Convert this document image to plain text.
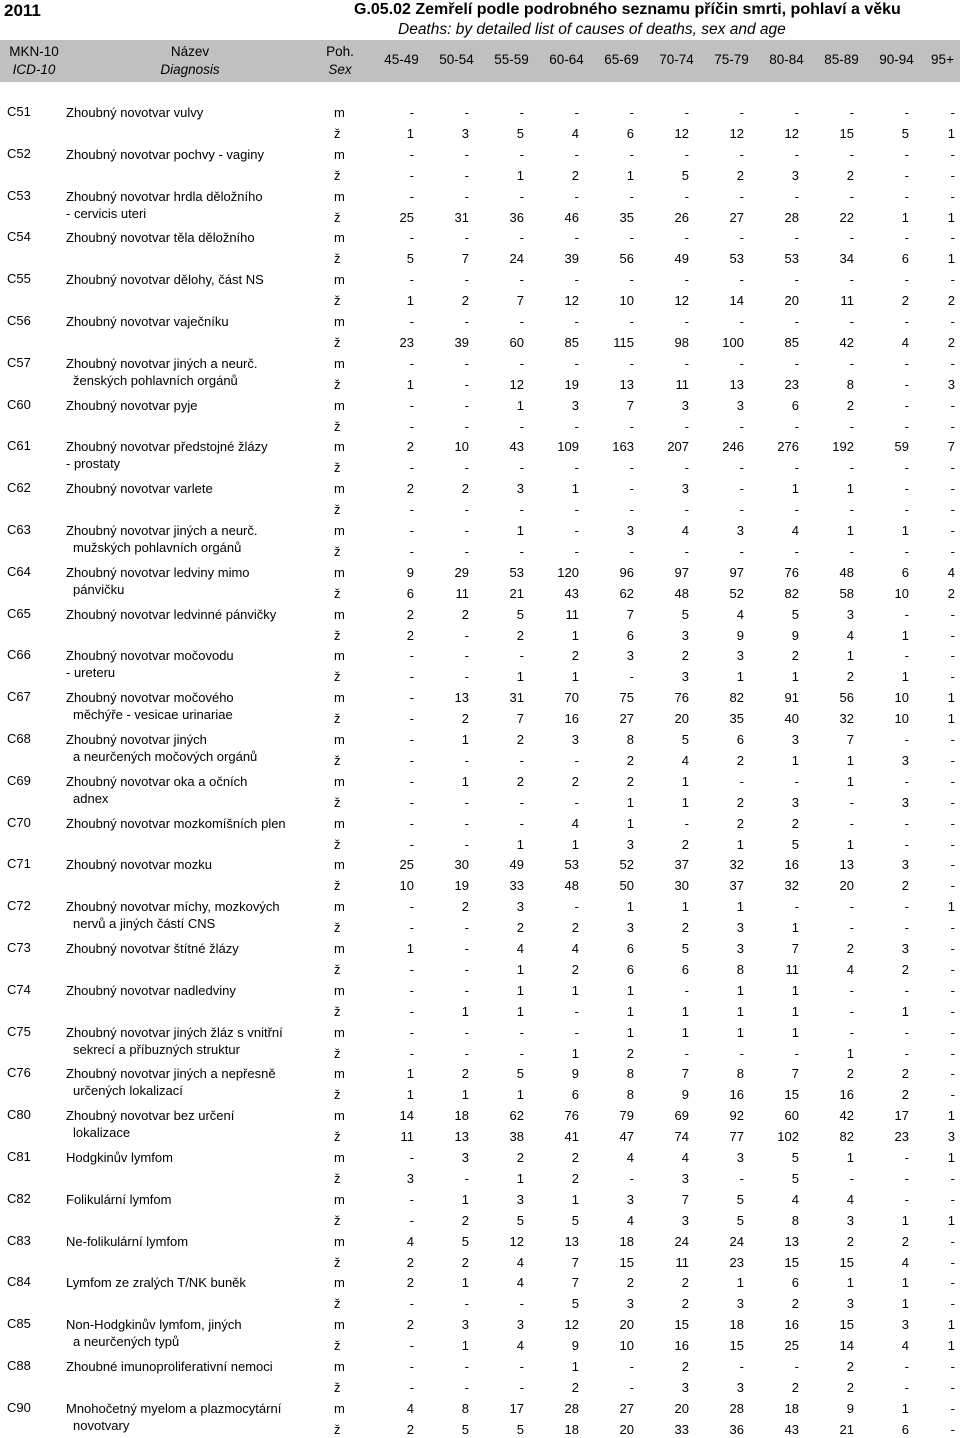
2011	G.05.02 Zemřelí podle podrobného seznamu příčin smrti, pohlaví a věku
Deaths: by detailed list of causes of deaths, sex and age
MKN-10
ICD-10
Název
Diagnosis
Poh.
Sex
45-49	50-54	55-59	60-64	65-69	70-74	75-79	80-84	85-89	90-94	95+
C51	Zhoubný novotvar vulvy	m	-	-	-	-	-	-	-	-	-	-	-
ž	1	3	5	4	6	12	12	12	15	5	1
C52	Zhoubný novotvar pochvy - vaginy	m	-	-	-	-	-	-	-	-	-	-	-
ž	-	-	1	2	1	5	2	3	2	-	-
C53	Zhoubný novotvar hrdla děložního
- cervicis uteri
m	-	-	-	-	-	-	-	-	-	-	-
ž	25	31	36	46	35	26	27	28	22	1	1
C54	Zhoubný novotvar těla děložního	m	-	-	-	-	-	-	-	-	-	-	-
ž	5	7	24	39	56	49	53	53	34	6	1
C55	Zhoubný novotvar dělohy, část NS	m	-	-	-	-	-	-	-	-	-	-	-
ž	1	2	7	12	10	12	14	20	11	2	2
C56	Zhoubný novotvar vaječníku	m	-	-	-	-	-	-	-	-	-	-	-
ž	23	39	60	85	115	98	100	85	42	4	2
C57	Zhoubný novotvar jiných a neurč.
ženských pohlavních orgánů
m	-	-	-	-	-	-	-	-	-	-	-
ž	1	-	12	19	13	11	13	23	8	-	3
C60	Zhoubný novotvar pyje	m	-	-	1	3	7	3	3	6	2	-	-
ž	-	-	-	-	-	-	-	-	-	-	-
C61	Zhoubný novotvar předstojné žlázy
- prostaty
m	2	10	43	109	163	207	246	276	192	59	7
ž	-	-	-	-	-	-	-	-	-	-	-
C62	Zhoubný novotvar varlete	m	2	2	3	1	-	3	-	1	1	-	-
ž	-	-	-	-	-	-	-	-	-	-	-
C63	Zhoubný novotvar jiných a neurč.
mužských pohlavních orgánů
m	-	-	1	-	3	4	3	4	1	1	-
ž	-	-	-	-	-	-	-	-	-	-	-
C64	Zhoubný novotvar ledviny mimo
pánvičku
m	9	29	53	120	96	97	97	76	48	6	4
ž	6	11	21	43	62	48	52	82	58	10	2
C65	Zhoubný novotvar ledvinné pánvičky	m	2	2	5	11	7	5	4	5	3	-	-
ž	2	-	2	1	6	3	9	9	4	1	-
C66	Zhoubný novotvar močovodu
- ureteru
m	-	-	-	2	3	2	3	2	1	-	-
ž	-	-	1	1	-	3	1	1	2	1	-
C67	Zhoubný novotvar močového
měchýře - vesicae urinariae
m	-	13	31	70	75	76	82	91	56	10	1
ž	-	2	7	16	27	20	35	40	32	10	1
C68	Zhoubný novotvar jiných
a neurčených močových orgánů
m	-	1	2	3	8	5	6	3	7	-	-
ž	-	-	-	-	2	4	2	1	1	3	-
C69	Zhoubný novotvar oka a očních
adnex
m	-	1	2	2	2	1	-	-	1	-	-
ž	-	-	-	-	1	1	2	3	-	3	-
C70	Zhoubný novotvar mozkomíšních plen	m	-	-	-	4	1	-	2	2	-	-	-
ž	-	-	1	1	3	2	1	5	1	-	-
C71	Zhoubný novotvar mozku	m	25	30	49	53	52	37	32	16	13	3	-
ž	10	19	33	48	50	30	37	32	20	2	-
C72	Zhoubný novotvar míchy, mozkových
nervů a jiných částí CNS
m	-	2	3	-	1	1	1	-	-	-	1
ž	-	-	2	2	3	2	3	1	-	-	-
C73	Zhoubný novotvar štítné žlázy	m	1	-	4	4	6	5	3	7	2	3	-
ž	-	-	1	2	6	6	8	11	4	2	-
C74	Zhoubný novotvar nadledviny	m	-	-	1	1	1	-	1	1	-	-	-
ž	-	1	1	-	1	1	1	1	-	1	-
C75	Zhoubný novotvar jiných žláz s vnitřní
sekrecí a příbuzných struktur
m	-	-	-	-	1	1	1	1	-	-	-
ž	-	-	-	1	2	-	-	-	1	-	-
C76	Zhoubný novotvar jiných a nepřesně
určených lokalizací
m	1	2	5	9	8	7	8	7	2	2	-
ž	1	1	1	6	8	9	16	15	16	2	-
C80	Zhoubný novotvar bez určení
lokalizace
m	14	18	62	76	79	69	92	60	42	17	1
ž	11	13	38	41	47	74	77	102	82	23	3
C81	Hodgkinův lymfom	m	-	3	2	2	4	4	3	5	1	-	1
ž	3	-	1	2	-	3	-	5	-	-	-
C82	Folikulární lymfom	m	-	1	3	1	3	7	5	4	4	-	-
ž	-	2	5	5	4	3	5	8	3	1	1
C83	Ne-folikulární lymfom	m	4	5	12	13	18	24	24	13	2	2	-
ž	2	2	4	7	15	11	23	15	15	4	-
C84	Lymfom ze zralých T/NK buněk	m	2	1	4	7	2	2	1	6	1	1	-
ž	-	-	-	5	3	2	3	2	3	1	-
C85	Non-Hodgkinův lymfom, jiných
a neurčených typů
m	2	3	3	12	20	15	18	16	15	3	1
ž	-	1	4	9	10	16	15	25	14	4	1
C88	Zhoubné imunoproliferativní nemoci	m	-	-	-	1	-	2	-	-	2	-	-
ž	-	-	-	2	-	3	3	2	2	-	-
C90	Mnohočetný myelom a plazmocytární
novotvary
m	4	8	17	28	27	20	28	18	9	1	-
ž	2	5	5	18	20	33	36	43	21	6	-
